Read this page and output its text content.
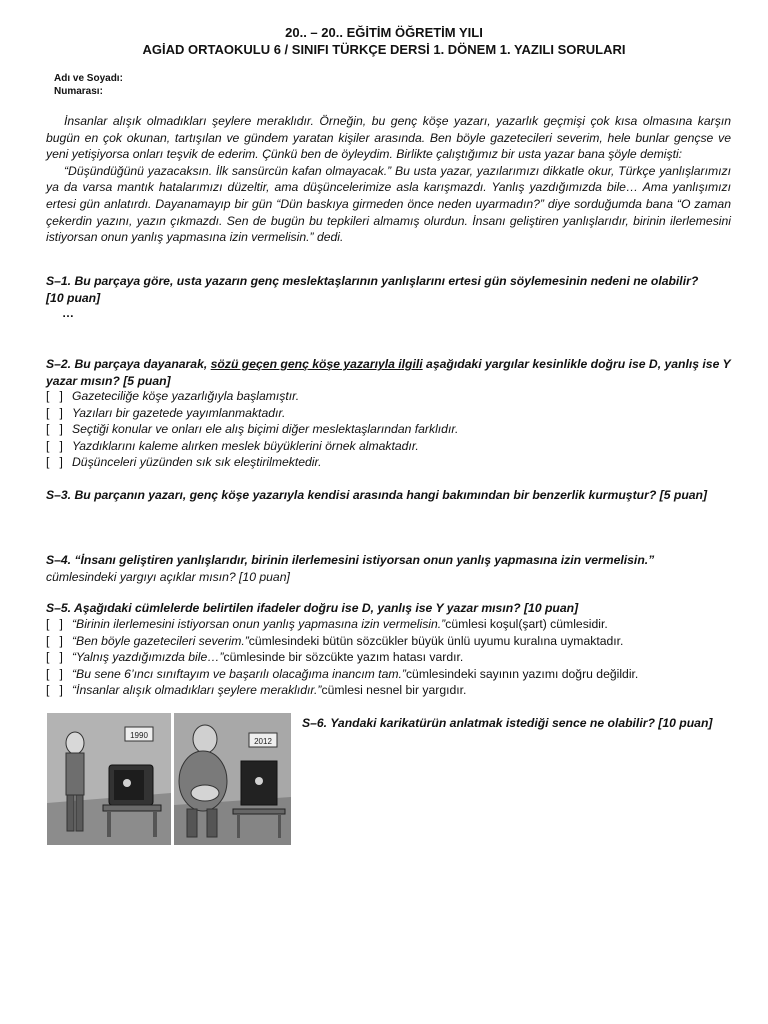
20.. – 20.. EĞİTİM ÖĞRETİM YILI
AGİAD ORTAOKULU 6 / SINIFI TÜRKÇE DERSİ 1. DÖNEM 1. YAZILI SORULARI
Adı ve Soyadı:
Numarası:

İnsanlar alışık olmadıkları şeylere meraklıdır. Örneğin, bu genç köşe yazarı, yazarlık geçmişi çok kısa olmasına karşın bugün en çok okunan, tartışılan ve gündem yaratan kişiler arasında. Ben böyle gazetecileri severim, hele bunlar gençse ve yeni yetişiyorsa onları teşvik de ederim. Çünkü ben de öyleydim. Birlikte çalıştığımız bir usta yazar bana şöyle demişti:

“Düşündüğünü yazacaksın. İlk sansürcün kafan olmayacak.” Bu usta yazar, yazılarımızı dikkatle okur, Türkçe yanlışlarımızı ya da varsa mantık hatalarımızı düzeltir, ama düşüncelerimize asla karışmazdı. Yanlış yazdığımızda bile… Ama yanlışımızı ertesi gün anlatırdı. Dayanamayıp bir gün “Dün baskıya girmeden önce neden uyarmadın?” diye sorduğumda bana “O zaman çekerdin yazını, yazın çıkmazdı. Sen de bugün bu tepkileri almamış olurdun. İnsanı geliştiren yanlışlarıdır, birinin ilerlemesini istiyorsan onun yanlış yapmasına izin vermelisin.” dedi.

S–1. Bu parçaya göre, usta yazarın genç meslektaşlarının yanlışlarını ertesi gün söylemesinin nedeni ne olabilir?
[10 puan]
…
S–2. Bu parçaya dayanarak, sözü geçen genç köşe yazarıyla ilgili aşağıdaki yargılar kesinlikle doğru ise D, yanlış ise Y yazar mısın? [5 puan]
[   ] Gazeteciliğe köşe yazarlığıyla başlamıştır.
[   ] Yazıları bir gazetede yayımlanmaktadır.
[   ] Seçtiği konular ve onları ele alış biçimi diğer meslektaşlarından farklıdır.
[   ] Yazdıklarını kaleme alırken meslek büyüklerini örnek almaktadır.
[   ] Düşünceleri yüzünden sık sık eleştirilmektedir.
S–3. Bu parçanın yazarı, genç köşe yazarıyla kendisi arasında hangi bakımından bir benzerlik kurmuştur? [5 puan]
S–4. “İnsanı geliştiren yanlışlarıdır, birinin ilerlemesini istiyorsan onun yanlış yapmasına izin vermelisin.”
cümlesindeki yargıyı açıklar mısın? [10 puan]
S–5. Aşağıdaki cümlelerde belirtilen ifadeler doğru ise D, yanlış ise Y yazar mısın? [10 puan]
[   ] “Birinin ilerlemesini istiyorsan onun yanlış yapmasına izin vermelisin.” cümlesi koşul(şart) cümlesidir.
[   ] “Ben böyle gazetecileri severim.” cümlesindeki bütün sözcükler büyük ünlü uyumu kuralına uymaktadır.
[   ] “Yalnış yazdığımızda bile…” cümlesinde bir sözcükte yazım hatası vardır.
[   ] “Bu sene 6’ıncı sınıftayım ve başarılı olacağıma inancım tam.” cümlesindeki sayının yazımı doğru değildir.
[   ] “İnsanlar alışık olmadıkları şeylere meraklıdır.” cümlesi nesnel bir yargıdır.
1990
2012
S–6. Yandaki karikatürün anlatmak istediği sence ne olabilir? [10 puan]
